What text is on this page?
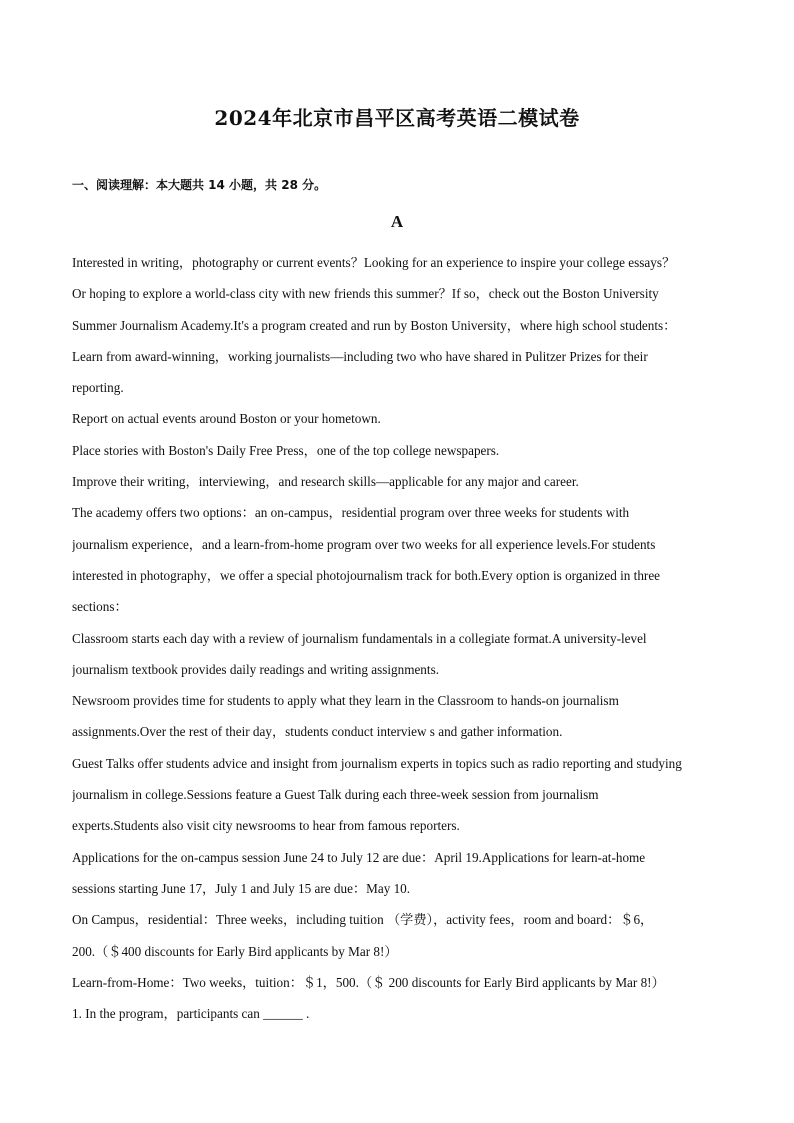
2024年北京市昌平区高考英语二模试卷
一、阅读理解：本大题共 14 小题，共 28 分。
A
Interested in writing，photography or current events？Looking for an experience to inspire your college essays？
Or hoping to explore a world-class city with new friends this summer？If so，check out the Boston University
Summer Journalism Academy.It's a program created and run by Boston University，where high school students：
Learn from award-winning，working journalists—including two who have shared in Pulitzer Prizes for their
reporting.
Report on actual events around Boston or your hometown.
Place stories with Boston's Daily Free Press，one of the top college newspapers.
Improve their writing，interviewing，and research skills—applicable for any major and career.
The academy offers two options：an on-campus，residential program over three weeks for students with
journalism experience，and a learn-from-home program over two weeks for all experience levels.For students
interested in photography，we offer a special photojournalism track for both.Every option is organized in three
sections：
Classroom starts each day with a review of journalism fundamentals in a collegiate format.A university-level
journalism textbook provides daily readings and writing assignments.
Newsroom provides time for students to apply what they learn in the Classroom to hands-on journalism
assignments.Over the rest of their day，students conduct interview s and gather information.
Guest Talks offer students advice and insight from journalism experts in topics such as radio reporting and studying
journalism in college.Sessions feature a Guest Talk during each three-week session from journalism
experts.Students also visit city newsrooms to hear from famous reporters.
Applications for the on-campus session June 24 to July 12 are due：April 19.Applications for learn-at-home
sessions starting June 17，July 1 and July 15 are due：May 10.
On Campus，residential：Three weeks，including tuition （学费），activity fees，room and board：＄6，
200.（＄400 discounts for Early Bird applicants by Mar 8!）
Learn-from-Home：Two weeks，tuition：＄1，500.（＄ 200 discounts for Early Bird applicants by Mar 8!）
1. In the program，participants can ______ .
